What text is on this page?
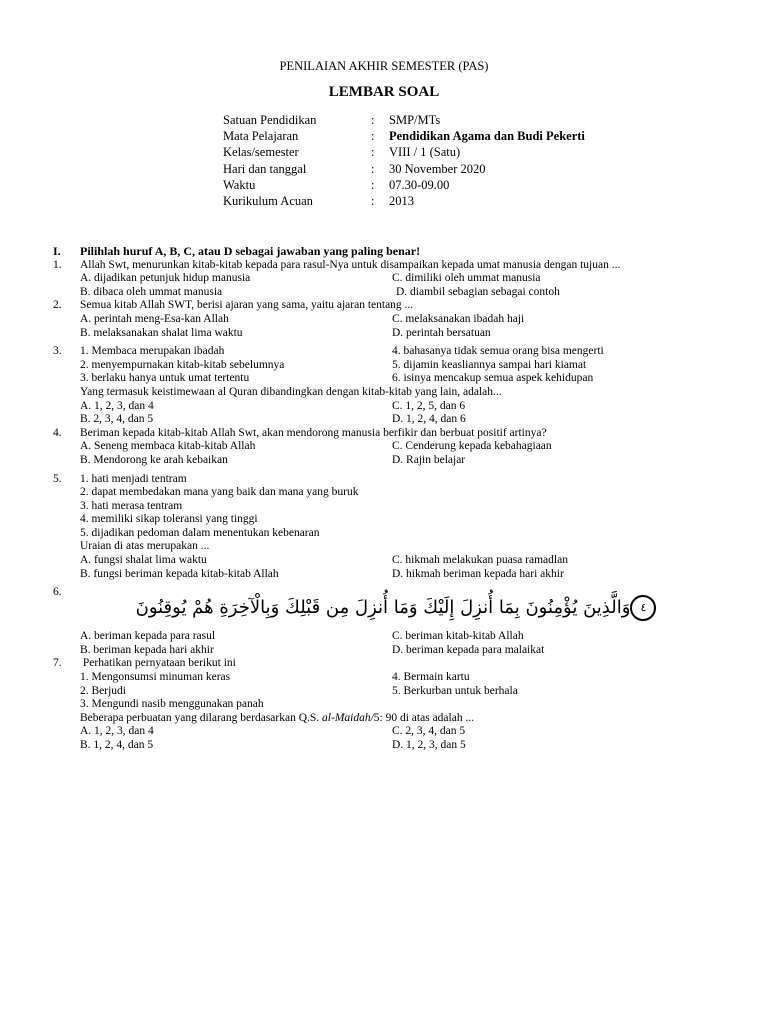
PENILAIAN AKHIR SEMESTER (PAS)
LEMBAR SOAL
Satuan Pendidikan	:	SMP/MTs
Mata Pelajaran	:	Pendidikan Agama dan Budi Pekerti
Kelas/semester	:	VIII / 1 (Satu)
Hari dan tanggal	:	30 November 2020
Waktu	:	07.30-09.00
Kurikulum Acuan	:	2013
I.	Pilihlah huruf A, B, C, atau D sebagai jawaban yang paling benar!
1.	Allah Swt, menurunkan kitab-kitab kepada para rasul-Nya untuk disampaikan kepada umat manusia dengan tujuan ...
A. dijadikan petunjuk hidup manusia	C. dimiliki oleh ummat manusia
B. dibaca oleh ummat manusia	D. diambil sebagian sebagai contoh
2.	Semua kitab Allah SWT, berisi ajaran yang sama, yaitu ajaran tentang ...
A. perintah meng-Esa-kan Allah	C. melaksanakan ibadah haji
B. melaksanakan shalat lima waktu	D. perintah bersatuan
3.	1. Membaca merupakan ibadah	4. bahasanya tidak semua orang bisa mengerti
2. menyempurnakan kitab-kitab sebelumnya	5. dijamin keasliannya sampai hari kiamat
3. berlaku hanya untuk umat tertentu	6. isinya mencakup semua aspek kehidupan
Yang termasuk keistimewaan al Quran dibandingkan dengan kitab-kitab yang lain, adalah...
A. 1, 2, 3, dan 4	C. 1, 2, 5, dan 6
B. 2, 3, 4, dan 5	D. 1, 2, 4, dan 6
4.	Beriman kepada kitab-kitab Allah Swt, akan mendorong manusia berfikir dan berbuat positif artinya?
A. Seneng membaca kitab-kitab Allah	C. Cenderung kepada kebahagiaan
B. Mendorong ke arah kebaikan	D. Rajin belajar
5.	1. hati menjadi tentram
2. dapat membedakan mana yang baik dan mana yang buruk
3. hati merasa tentram
4. memiliki sikap toleransi yang tinggi
5. dijadikan pedoman dalam menentukan kebenaran
Uraian di atas merupakan ...
A. fungsi shalat lima waktu	C. hikmah melakukan puasa ramadlan
B. fungsi beriman kepada kitab-kitab Allah	D. hikmah beriman kepada hari akhir
6.
وَالَّذِينَ يُؤْمِنُونَ بِمَا أُنزِلَ إِلَيْكَ وَمَا أُنزِلَ مِن قَبْلِكَ وَبِالْآخِرَةِ هُمْ يُوقِنُونَ ٤
A. beriman kepada para rasul	C. beriman kitab-kitab Allah
B. beriman kepada hari akhir	D. beriman kepada para malaikat
7.	Perhatikan pernyataan berikut ini
1. Mengonsumsi minuman keras	4. Bermain kartu
2. Berjudi	5. Berkurban untuk berhala
3. Mengundi nasib menggunakan panah
Beberapa perbuatan yang dilarang berdasarkan Q.S. al-Maidah/5: 90 di atas adalah ...
A. 1, 2, 3, dan 4	C. 2, 3, 4, dan 5
B. 1, 2, 4, dan 5	D. 1, 2, 3, dan 5
